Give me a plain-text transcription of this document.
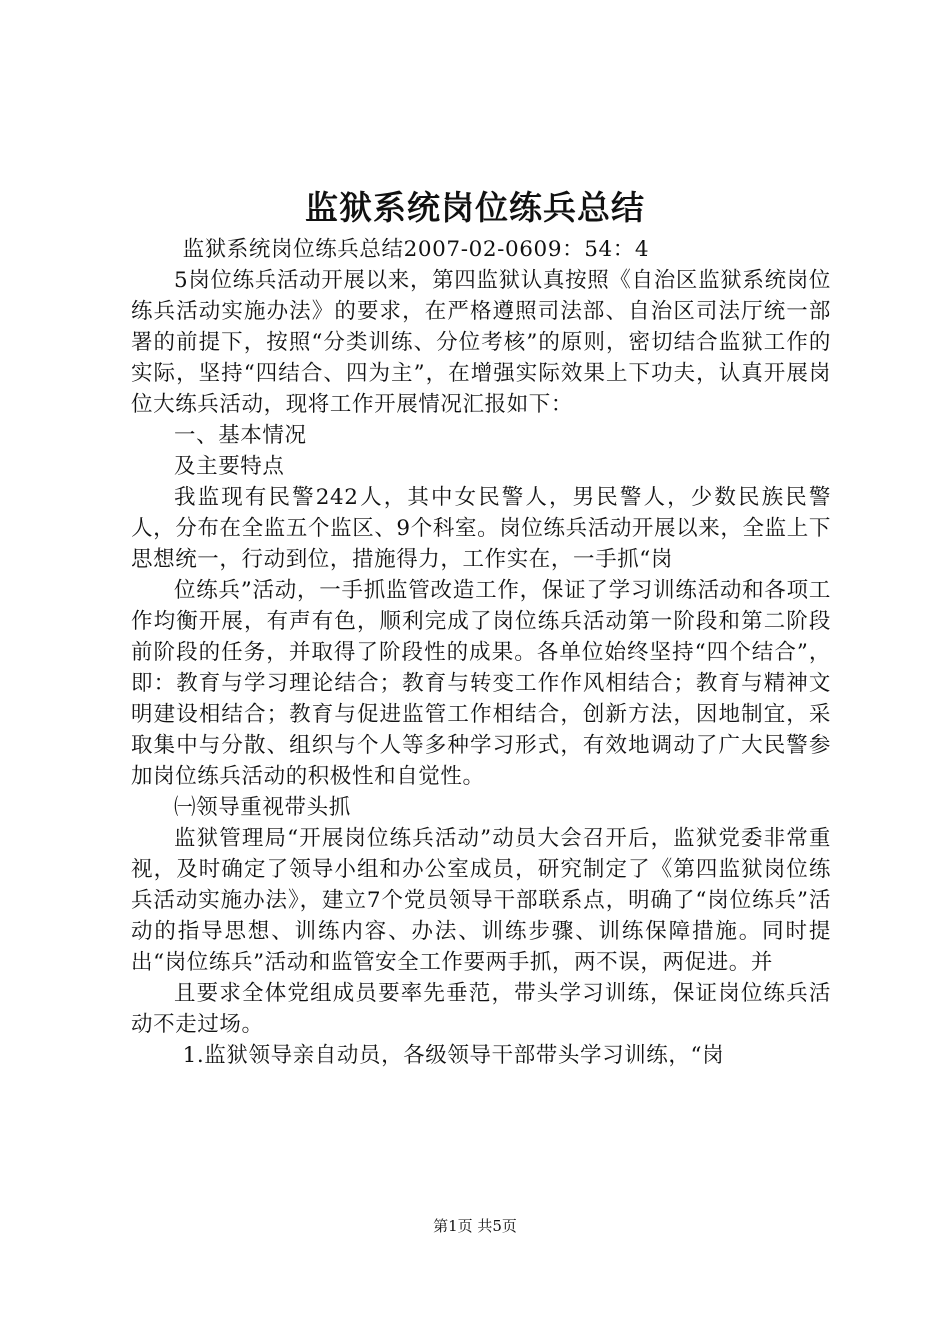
监狱系统岗位练兵总结

监狱系统岗位练兵总结2007-02-0609：54：4

5岗位练兵活动开展以来，第四监狱认真按照《自治区监狱系统岗位练兵活动实施办法》的要求，在严格遵照司法部、自治区司法厅统一部署的前提下，按照“分类训练、分位考核”的原则，密切结合监狱工作的实际，坚持“四结合、四为主”，在增强实际效果上下功夫，认真开展岗位大练兵活动，现将工作开展情况汇报如下：

一、基本情况

及主要特点

我监现有民警242人，其中女民警人，男民警人，少数民族民警人，分布在全监五个监区、9个科室。岗位练兵活动开展以来，全监上下思想统一，行动到位，措施得力，工作实在，一手抓“岗

位练兵”活动，一手抓监管改造工作，保证了学习训练活动和各项工作均衡开展，有声有色，顺利完成了岗位练兵活动第一阶段和第二阶段前阶段的任务，并取得了阶段性的成果。各单位始终坚持“四个结合”，即：教育与学习理论结合；教育与转变工作作风相结合；教育与精神文明建设相结合；教育与促进监管工作相结合，创新方法，因地制宜，采取集中与分散、组织与个人等多种学习形式，有效地调动了广大民警参加岗位练兵活动的积极性和自觉性。

㈠领导重视带头抓

监狱管理局“开展岗位练兵活动”动员大会召开后，监狱党委非常重视，及时确定了领导小组和办公室成员，研究制定了《第四监狱岗位练兵活动实施办法》，建立7个党员领导干部联系点，明确了“岗位练兵”活动的指导思想、训练内容、办法、训练步骤、训练保障措施。同时提出“岗位练兵”活动和监管安全工作要两手抓，两不误，两促进。并

且要求全体党组成员要率先垂范，带头学习训练，保证岗位练兵活动不走过场。

1.监狱领导亲自动员，各级领导干部带头学习训练，“岗

第1页 共5页
